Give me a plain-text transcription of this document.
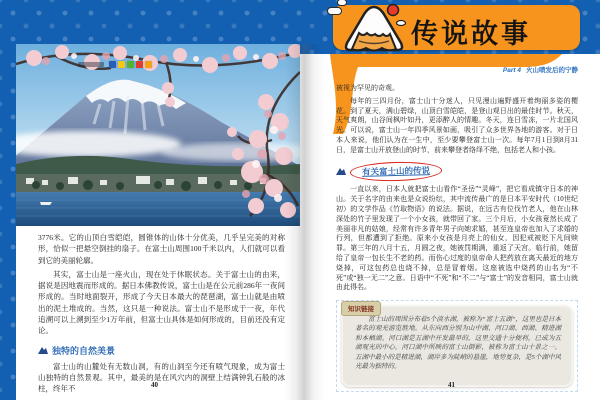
3776米。它的山顶白雪皑皑，圆锥体的山体十分优美，几乎呈完美的对称形，恰似一把悬空倒挂的扇子。在富士山周围100千米以内，人们就可以看到它的美丽轮廓。

其实，富士山是一座火山，现在处于休眠状态。关于富士山的由来，据说是因地震而形成的。据日本佛教传说，富士山是在公元前286年一夜间形成的。当时地面裂开，形成了今天日本最大的琵琶湖，富士山就是由喷出的泥土堆成的。当然，这只是一种说法。富士山不是形成于一夜，年代追溯可以上溯到至少1万年前，但富士山具体是如何形成的，目前还没有定论。

独特的自然美景

富士山的山麓处有无数山洞，有的山洞至今还有喷气现象，成为富士山独特的自然景观。其中，最美的是在风穴内的洞壁上结满钟乳石般的冰柱，终年不	40
Part 4 火山喷发后的宁静

被视为罕见的奇观。

每年的三四月份，富士山十分迷人，只见漫山遍野盛开着绚丽多姿的樱花。到了夏天，满山碧绿，山顶白雪皑皑，是登山观日出的最佳时节。秋天，天气爽朗，山谷间枫叶如丹，更添醉人的情趣。冬天，连日雪冻，一片北国风光。可以说，富士山一年四季风景如画，吸引了众多世界各地的游客。对于日本人来说，他们认为在一生中，至少要攀登富士山一次。每年7月1日到8月31日，是富士山开放登山的时节，前来攀登者络绎不绝，包括老人和小孩。

有关富士山的传说

一直以来，日本人就把富士山看作“圣岳”“灵峰”，把它看成镇守日本的神山。关于名字的由来也是众说纷纭，其中流传最广的是日本平安时代（10世纪初）的文学作品《竹取物语》的说法。据说，在远古有位伐竹老人，他在山林深处的竹子里发现了一个小女孩，就带回了家。三个月后，小女孩竟然长成了美丽非凡的姑娘，经常有许多青年男子向她求婚，甚至连皇帝也加入了求婚的行列，但都遭到了拒绝。原来小女孩是月亮上的仙女，因犯戒被贬下凡间赎罪。第三年的八月十五，月圆之夜，她被罚期满，重返了天宫。临行前，她留给了皇帝一包长生不老的药。而伤心过度的皇帝命人把药放在离天最近的地方烧掉，可这包药总也烧不掉，总是冒着烟。这座被选中烧药的山名为“不死”或“独一无二”之意。日语中“不死”和“不二”与“富士”的发音相同，富士山就由此得名。

知识链接
富士山的周围分布着5个淡水湖，被称为“富士五湖”，这里也是日本著名的观光游览胜地。从东向西分别为山中湖、河口湖、西湖、精进湖和本栖湖。河口湖是五湖中开发最早的，这里交通十分便利，已成为五湖观光的中心。河口湖中所映的富士山倒影，被称为富士山十景之一。五湖中最小的是精进湖，湖岸多为陡峭的悬崖，地势复杂，是5个湖中风光最为独特的。
41
传说故事
